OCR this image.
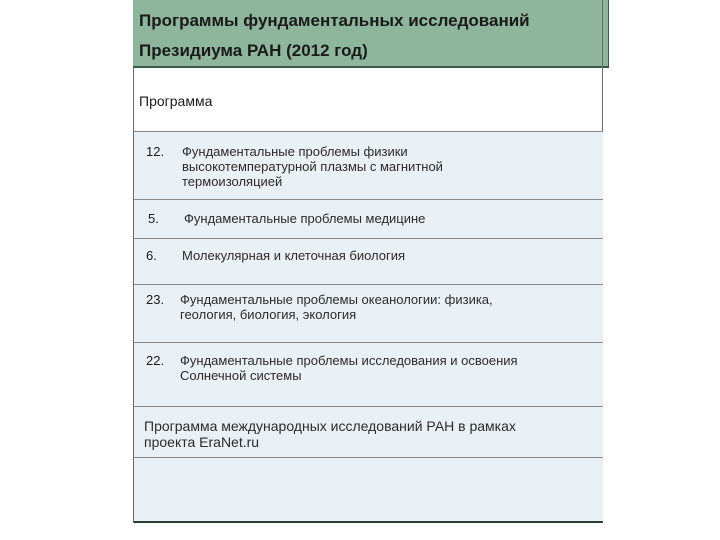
Программы фундаментальных исследований
Президиума РАН (2012 год)
Программа
12. Фундаментальные проблемы физики
высокотемпературной плазмы с магнитной
термоизоляцией
5. Фундаментальные проблемы медицине
6. Молекулярная и клеточная биология
23. Фундаментальные проблемы океанологии: физика,
геология, биология, экология
22. Фундаментальные проблемы исследования и освоения
Солнечной системы
Программа международных исследований РАН в рамках
проекта EraNet.ru
